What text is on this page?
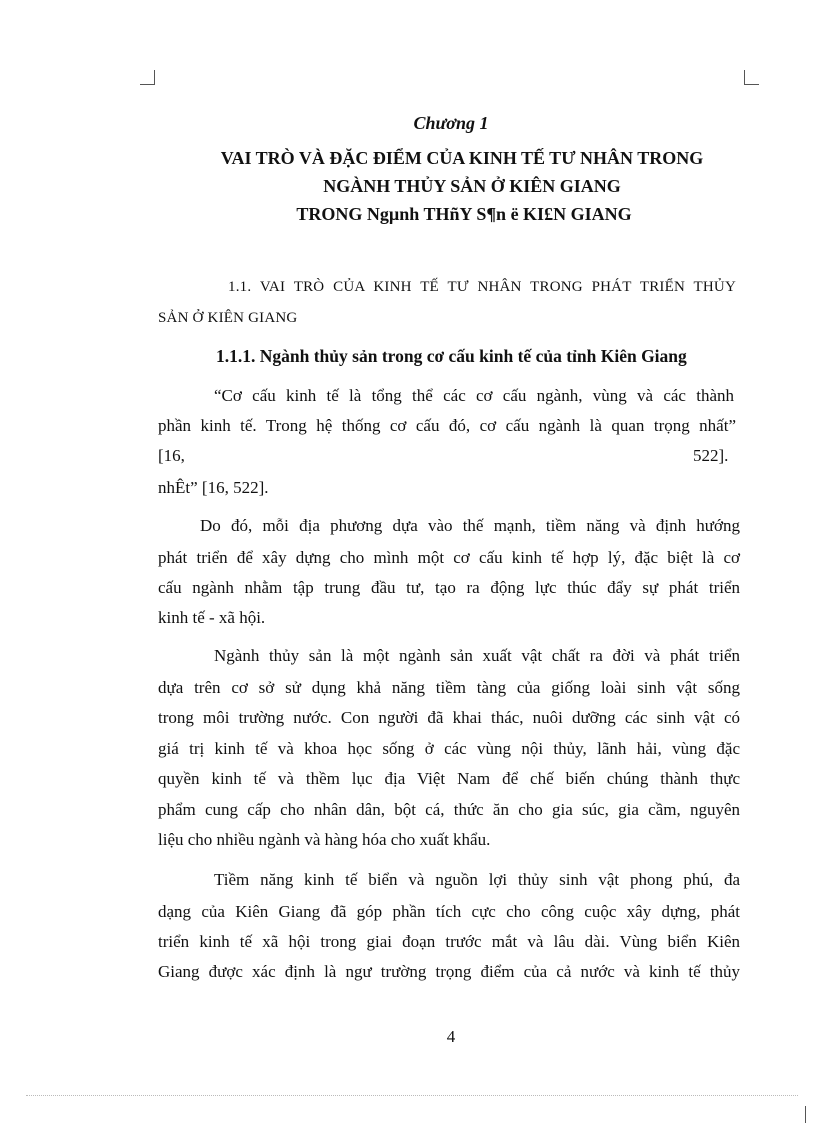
Chương 1
VAI TRÒ VÀ ĐẶC ĐIỂM CỦA KINH TẾ TƯ NHÂN TRONG
NGÀNH THỦY SẢN Ở KIÊN GIANG
TRONG Ngµnh THñY S¶n ë KI£N GIANG
1.1. VAI TRÒ CỦA KINH TẾ TƯ NHÂN TRONG PHÁT TRIỂN THỦY
SẢN Ở KIÊN GIANG
1.1.1. Ngành thủy sản trong cơ cấu kinh tế của tỉnh Kiên Giang
“Cơ cấu kinh tế là tổng thể các cơ cấu ngành, vùng và các thành
phần kinh tế. Trong hệ thống cơ cấu đó, cơ cấu ngành là quan trọng nhất”
[16,	522].
nhÊt” [16, 522].
Do đó, mỗi địa phương dựa vào thế mạnh, tiềm năng và định hướng
phát triển để xây dựng cho mình một cơ cấu kinh tế hợp lý, đặc biệt là cơ
cấu ngành nhằm tập trung đầu tư, tạo ra động lực thúc đẩy sự phát triển
kinh tế - xã hội.
Ngành thủy sản là một ngành sản xuất vật chất ra đời và phát triển
dựa trên cơ sở sử dụng khả năng tiềm tàng của giống loài sinh vật sống
trong môi trường nước. Con người đã khai thác, nuôi dưỡng các sinh vật có
giá trị kinh tế và khoa học sống ở các vùng nội thủy, lãnh hải, vùng đặc
quyền kinh tế và thềm lục địa Việt Nam để chế biến chúng thành thực
phẩm cung cấp cho nhân dân, bột cá, thức ăn cho gia súc, gia cầm, nguyên
liệu cho nhiều ngành và hàng hóa cho xuất khẩu.
Tiềm năng kinh tế biển và nguồn lợi thủy sinh vật phong phú, đa
dạng của Kiên Giang đã góp phần tích cực cho công cuộc xây dựng, phát
triển kinh tế xã hội trong giai đoạn trước mắt và lâu dài. Vùng biển Kiên
Giang được xác định là ngư trường trọng điểm của cả nước và kinh tế thủy
4
